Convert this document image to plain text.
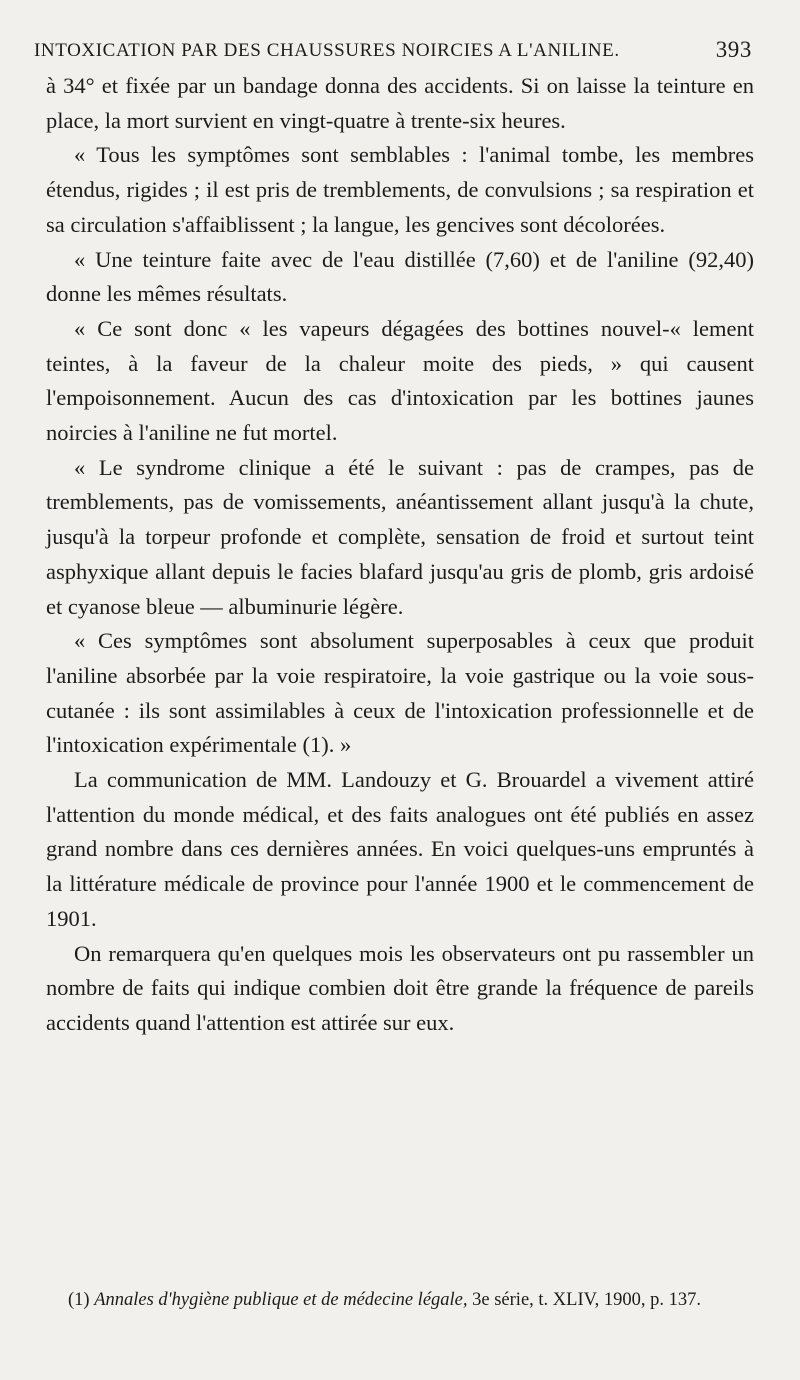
INTOXICATION PAR DES CHAUSSURES NOIRCIES A L'ANILINE.	393

à 34° et fixée par un bandage donna des accidents. Si on laisse la teinture en place, la mort survient en vingt-quatre à trente-six heures.

« Tous les symptômes sont semblables : l'animal tombe, les membres étendus, rigides ; il est pris de tremblements, de convulsions ; sa respiration et sa circulation s'affaiblissent ; la langue, les gencives sont décolorées.

« Une teinture faite avec de l'eau distillée (7,60) et de l'aniline (92,40) donne les mêmes résultats.

« Ce sont donc « les vapeurs dégagées des bottines nouvel-« lement teintes, à la faveur de la chaleur moite des pieds, » qui causent l'empoisonnement. Aucun des cas d'intoxication par les bottines jaunes noircies à l'aniline ne fut mortel.

« Le syndrome clinique a été le suivant : pas de crampes, pas de tremblements, pas de vomissements, anéantissement allant jusqu'à la chute, jusqu'à la torpeur profonde et complète, sensation de froid et surtout teint asphyxique allant depuis le facies blafard jusqu'au gris de plomb, gris ardoisé et cyanose bleue — albuminurie légère.

« Ces symptômes sont absolument superposables à ceux que produit l'aniline absorbée par la voie respiratoire, la voie gastrique ou la voie sous-cutanée : ils sont assimilables à ceux de l'intoxication professionnelle et de l'intoxication expérimentale (1). »

La communication de MM. Landouzy et G. Brouardel a vivement attiré l'attention du monde médical, et des faits analogues ont été publiés en assez grand nombre dans ces dernières années. En voici quelques-uns empruntés à la littérature médicale de province pour l'année 1900 et le commencement de 1901.

On remarquera qu'en quelques mois les observateurs ont pu rassembler un nombre de faits qui indique combien doit être grande la fréquence de pareils accidents quand l'attention est attirée sur eux.

(1) Annales d'hygiène publique et de médecine légale, 3e série, t. XLIV, 1900, p. 137.
